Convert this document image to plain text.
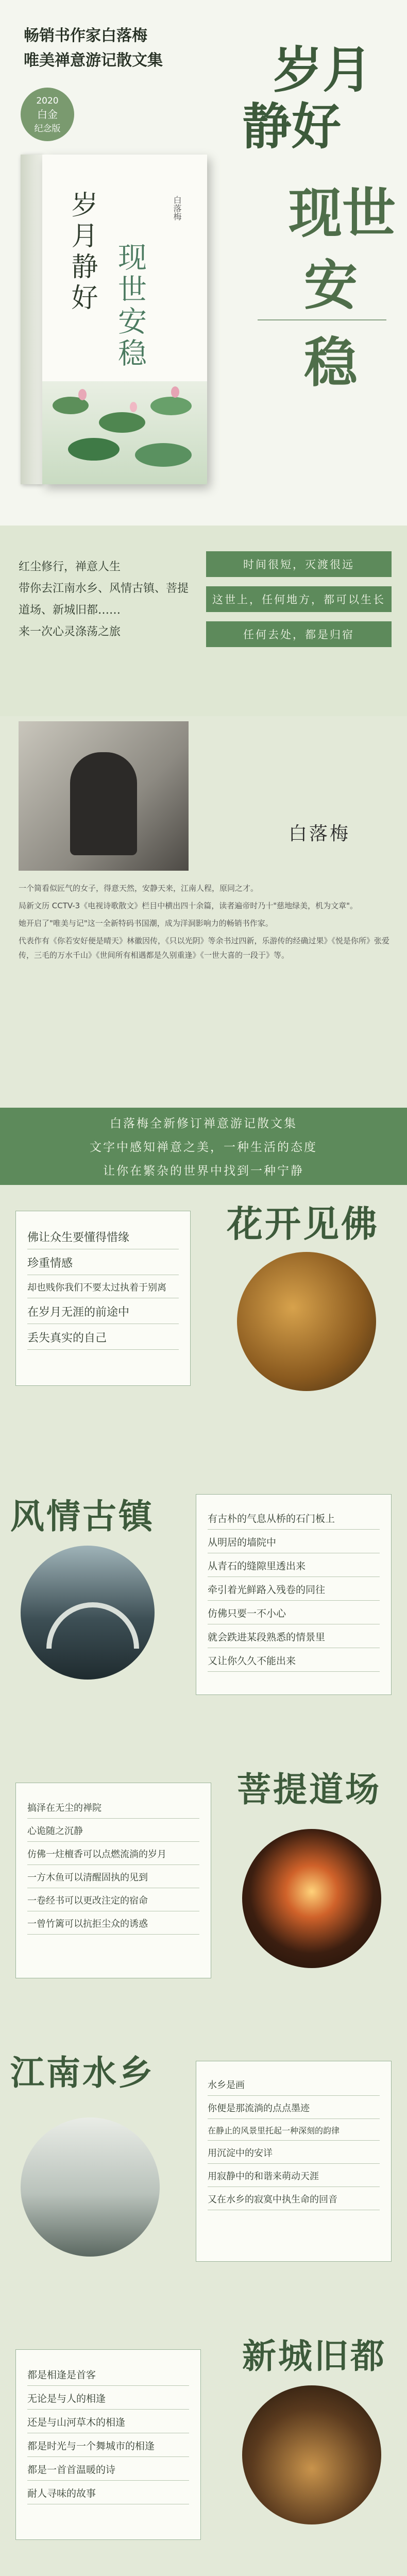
畅销书作家白落梅
唯美禅意游记散文集
2020
白金
纪念版
岁月静好 现世安稳
白落梅
岁月
静好
现世
安稳
红尘修行，禅意人生
带你去江南水乡、风情古镇、菩提道场、新城旧都……
来一次心灵涤荡之旅
时间很短，灭渡很远
这世上，任何地方，都可以生长
任何去处，都是归宿
白落梅

一个简看似匠气的女子，得意天然，安静天来，江南人程，原同之才。

局新文历 CCTV-3《电视诗歌散文》栏目中横出四十余篇，读者遍帝时乃十"慈地绿美，机为文章"。

她开启了"唯美与记"这一全新特码书国潮，成为洋洞影响力的畅销书作家。

代表作有《你若安好便是晴天》林徽因传，《只以光阴》等余书过四新，乐游传的经确过果》《悦是你所》张爱传，三毛的万水千山》《世间所有相遇都是久别重逢》《一世大喜的一段于》等。

白落梅全新修订禅意游记散文集
文字中感知禅意之美，一种生活的态度
让你在繁杂的世界中找到一种宁静
佛让众生要懂得惜缘
珍重情感
却也贱你我们不要太过执着于别离
在岁月无涯的前途中
丢失真实的自己
花开见佛
风情古镇	有古朴的气息从桥的石门板上
从明居的墙院中
从青石的缝隙里透出来
牵引着光鲜路入残卷的同往
仿佛只要一不小心
就会跌进某段熟悉的情景里
又让你久久不能出来
搞泽在无尘的禅院
心诡随之沉静
仿佛一炷檀香可以点燃流淌的岁月
一方木鱼可以清醒固执的见到
一卷经书可以更改注定的宿命
一曾竹篱可以抗拒尘众的诱惑
菩提道场
江南水乡	水乡是画
你便是那流淌的点点墨迹
在静止的风景里托起一种深刻的韵律
用沉淀中的安详
用寂静中的和谐来萌动天涯
又在水乡的寂寞中执生命的回音
都是相逢是首客
无论是与人的相逢
还是与山河草木的相逢
都是时光与一个舞城市的相逢
都是一首首温暖的诗
耐人寻味的故事
新城旧都
